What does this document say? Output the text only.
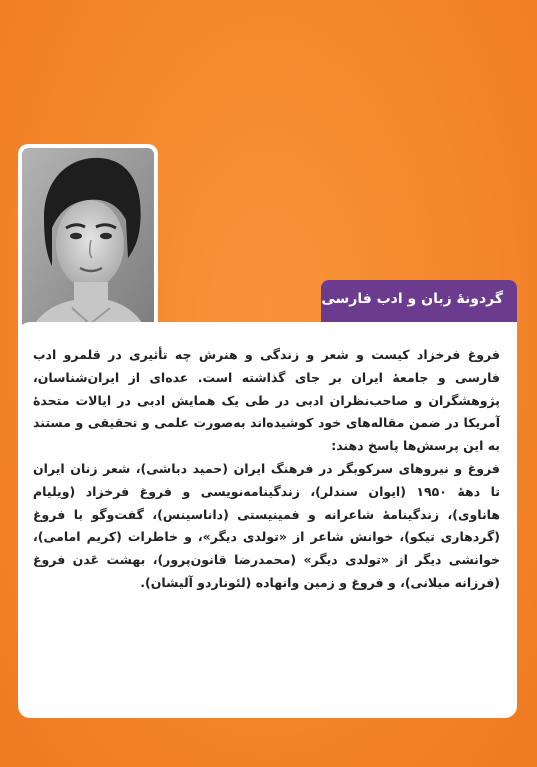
گردونهٔ زبان و ادب فارسی

فروغ فرخزاد کیست و شعر و زندگی و هنرش چه تأثیری در قلمرو ادب فارسی و جامعهٔ ایران بر جای گذاشته است. عده‌ای از ایران‌شناسان، پژوهشگران و صاحب‌نظران ادبی در طی یک همایش ادبی در ایالات متحدهٔ آمریکا در ضمن مقاله‌های خود کوشیده‌اند به‌صورت علمی و تحقیقی و مستند به این پرسش‌ها پاسخ دهند:

فروغ و نیروهای سرکوبگر در فرهنگ ایران (حمید دباشی)، شعر زنان ایران تا دههٔ ۱۹۵۰ (ایوان سندلر)، زندگینامه‌نویسی و فروغ فرخزاد (ویلیام هاناوی)، زندگینامهٔ شاعرانه و فمینیستی (داناسینس)، گفت‌وگو با فروغ (گردهاری تیکو)، خوانش شاعر از «تولدی دیگر»، و خاطرات (کریم امامی)، خوانشی دیگر از «تولدی دیگر» (محمدرضا قانون‌پرور)، بهشت عَدن فروغ (فرزانه میلانی)، و فروغ و زمین وانهاده (لئوناردو آلیشان).
